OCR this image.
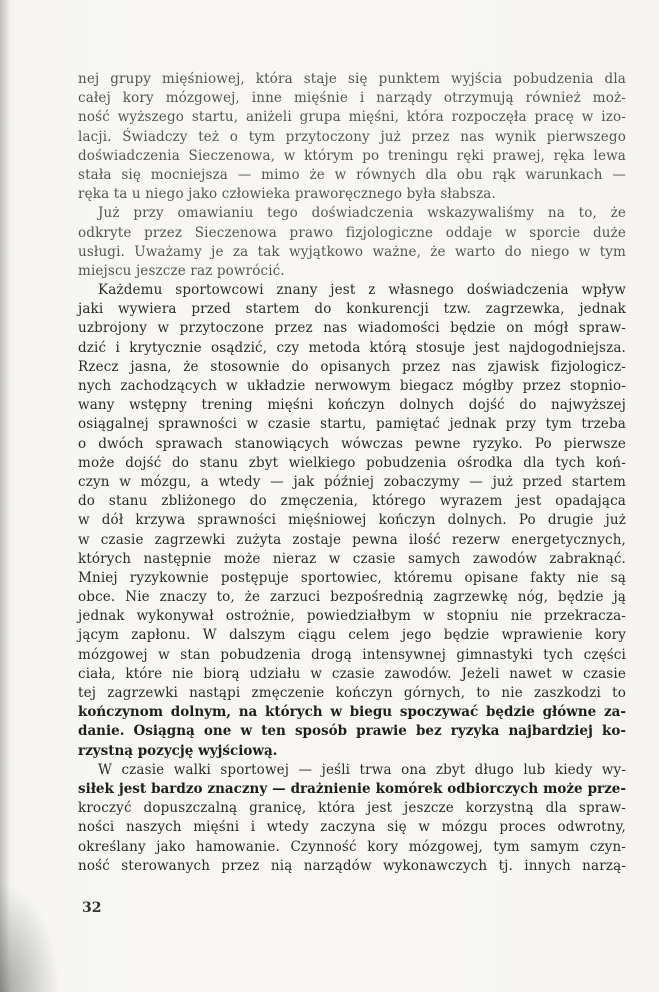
nej grupy mięśniowej, która staje się punktem wyjścia pobudzenia dla
całej kory mózgowej, inne mięśnie i narządy otrzymują również moż-
ność wyższego startu, aniżeli grupa mięśni, która rozpoczęła pracę w izo-
lacji. Świadczy też o tym przytoczony już przez nas wynik pierwszego
doświadczenia Sieczenowa, w którym po treningu ręki prawej, ręka lewa
stała się mocniejsza — mimo że w równych dla obu rąk warunkach —
ręka ta u niego jako człowieka praworęcznego była słabsza.
Już przy omawianiu tego doświadczenia wskazywaliśmy na to, że
odkryte przez Sieczenowa prawo fizjologiczne oddaje w sporcie duże
usługi. Uważamy je za tak wyjątkowo ważne, że warto do niego w tym
miejscu jeszcze raz powrócić.
Każdemu sportowcowi znany jest z własnego doświadczenia wpływ
jaki wywiera przed startem do konkurencji tzw. zagrzewka, jednak
uzbrojony w przytoczone przez nas wiadomości będzie on mógł spraw-
dzić i krytycznie osądzić, czy metoda którą stosuje jest najdogodniejsza.
Rzecz jasna, że stosownie do opisanych przez nas zjawisk fizjologicz-
nych zachodzących w układzie nerwowym biegacz mógłby przez stopnio-
wany wstępny trening mięśni kończyn dolnych dojść do najwyższej
osiągalnej sprawności w czasie startu, pamiętać jednak przy tym trzeba
o dwóch sprawach stanowiących wówczas pewne ryzyko. Po pierwsze
może dojść do stanu zbyt wielkiego pobudzenia ośrodka dla tych koń-
czyn w mózgu, a wtedy — jak później zobaczymy — już przed startem
do stanu zbliżonego do zmęczenia, którego wyrazem jest opadająca
w dół krzywa sprawności mięśniowej kończyn dolnych. Po drugie już
w czasie zagrzewki zużyta zostaje pewna ilość rezerw energetycznych,
których następnie może nieraz w czasie samych zawodów zabraknąć.
Mniej ryzykownie postępuje sportowiec, któremu opisane fakty nie są
obce. Nie znaczy to, że zarzuci bezpośrednią zagrzewkę nóg, będzie ją
jednak wykonywał ostrożnie, powiedziałbym w stopniu nie przekracza-
jącym zapłonu. W dalszym ciągu celem jego będzie wprawienie kory
mózgowej w stan pobudzenia drogą intensywnej gimnastyki tych części
ciała, które nie biorą udziału w czasie zawodów. Jeżeli nawet w czasie
tej zagrzewki nastąpi zmęczenie kończyn górnych, to nie zaszkodzi to
kończynom dolnym, na których w biegu spoczywać będzie główne za-
danie. Osiągną one w ten sposób prawie bez ryzyka najbardziej ko-
rzystną pozycję wyjściową.
W czasie walki sportowej — jeśli trwa ona zbyt długo lub kiedy wy-
siłek jest bardzo znaczny — drażnienie komórek odbiorczych może prze-
kroczyć dopuszczalną granicę, która jest jeszcze korzystną dla spraw-
ności naszych mięśni i wtedy zaczyna się w mózgu proces odwrotny,
określany jako hamowanie. Czynność kory mózgowej, tym samym czyn-
ność sterowanych przez nią narządów wykonawczych tj. innych narzą-
32
